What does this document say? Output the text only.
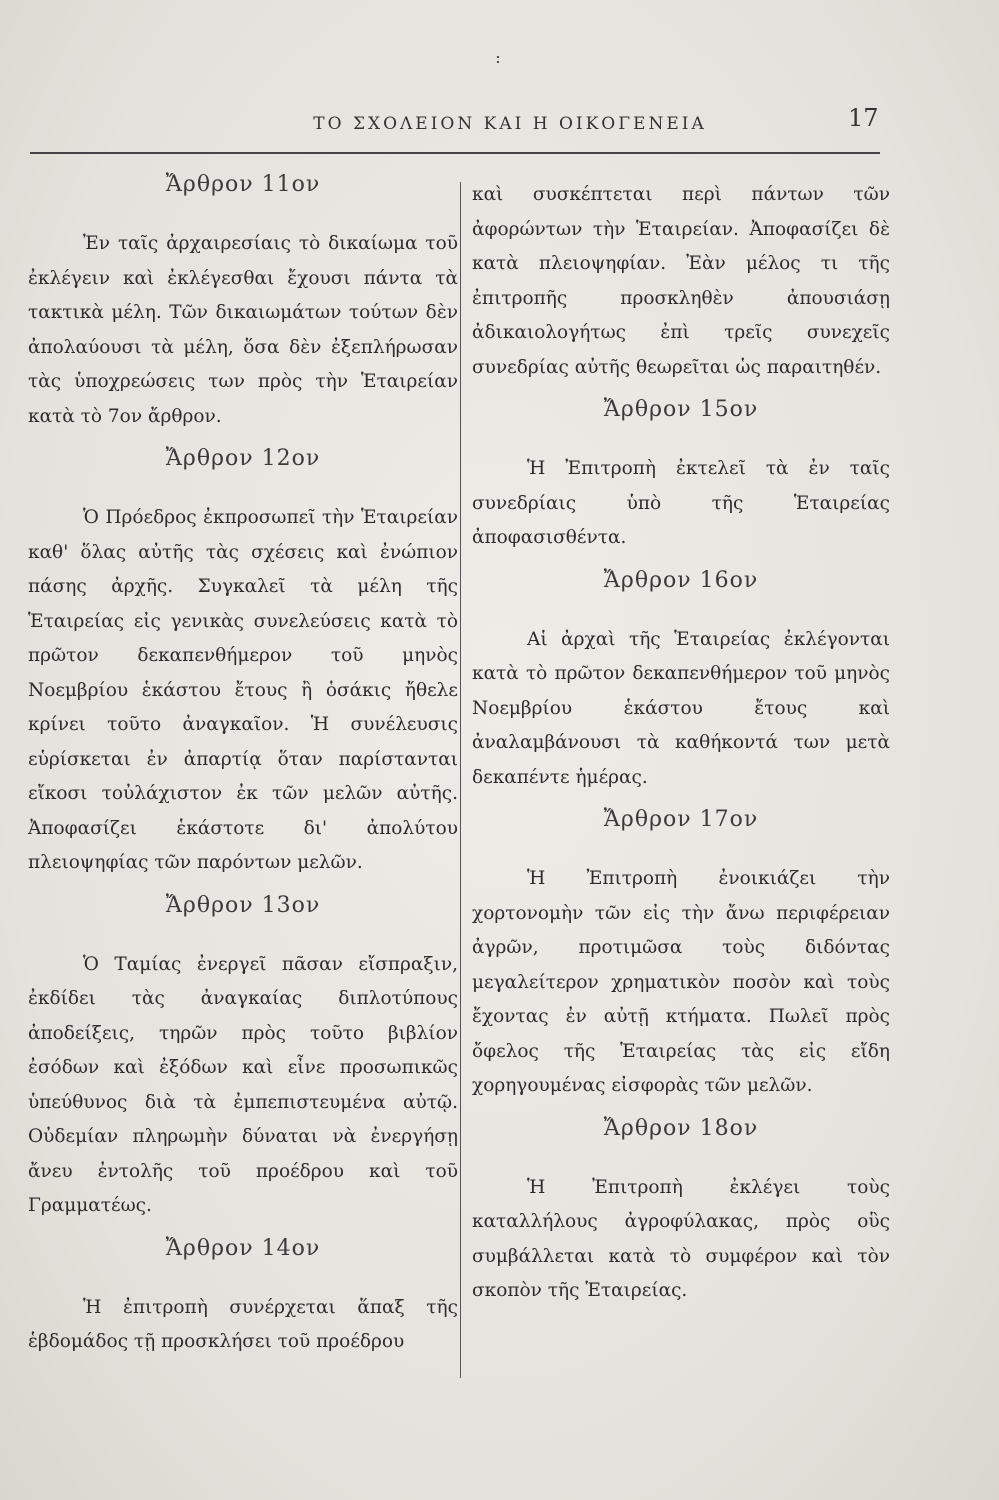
:
ΤΟ ΣΧΟΛΕΙΟΝ ΚΑΙ Η ΟΙΚΟΓΕΝΕΙΑ	17
Ἄρθρον 11ον

Ἐν ταῖς ἀρχαιρεσίαις τὸ δικαίωμα τοῦ ἐκλέγειν καὶ ἐκλέγεσθαι ἔχουσι πάντα τὰ τακτικὰ μέλη. Τῶν δικαιωμάτων τούτων δὲν ἀπολαύουσι τὰ μέλη, ὅσα δὲν ἐξεπλήρωσαν τὰς ὑποχρεώσεις των πρὸς τὴν Ἑταιρείαν κατὰ τὸ 7ον ἄρθρον.

Ἄρθρον 12ον

Ὁ Πρόεδρος ἐκπροσωπεῖ τὴν Ἑταιρείαν καθ' ὅλας αὐτῆς τὰς σχέσεις καὶ ἐνώπιον πάσης ἀρχῆς. Συγκαλεῖ τὰ μέλη τῆς Ἑταιρείας εἰς γενικὰς συνελεύσεις κατὰ τὸ πρῶτον δεκαπενθήμερον τοῦ μηνὸς Νοεμβρίου ἑκάστου ἔτους ἢ ὁσάκις ἤθελε κρίνει τοῦτο ἀναγκαῖον. Ἡ συνέλευσις εὑρίσκεται ἐν ἀπαρτίᾳ ὅταν παρίστανται εἴκοσι τοὐλάχιστον ἐκ τῶν μελῶν αὐτῆς. Ἀποφασίζει ἑκάστοτε δι' ἀπολύτου πλειοψηφίας τῶν παρόντων μελῶν.

Ἄρθρον 13ον

Ὁ Ταμίας ἐνεργεῖ πᾶσαν εἴσπραξιν, ἐκδίδει τὰς ἀναγκαίας διπλοτύπους ἀποδείξεις, τηρῶν πρὸς τοῦτο βιβλίον ἐσόδων καὶ ἐξόδων καὶ εἶνε προσωπικῶς ὑπεύθυνος διὰ τὰ ἐμπεπιστευμένα αὐτῷ. Οὐδεμίαν πληρωμὴν δύναται νὰ ἐνεργήσῃ ἄνευ ἐντολῆς τοῦ προέδρου καὶ τοῦ Γραμματέως.

Ἄρθρον 14ον

Ἡ ἐπιτροπὴ συνέρχεται ἅπαξ τῆς ἑβδομάδος τῇ προσκλήσει τοῦ προέδρου

καὶ συσκέπτεται περὶ πάντων τῶν ἀφορώντων τὴν Ἑταιρείαν. Ἀποφασίζει δὲ κατὰ πλειοψηφίαν. Ἐὰν μέλος τι τῆς ἐπιτροπῆς προσκληθὲν ἀπουσιάσῃ ἀδικαιολογήτως ἐπὶ τρεῖς συνεχεῖς συνεδρίας αὐτῆς θεωρεῖται ὡς παραιτηθέν.

Ἄρθρον 15ον

Ἡ Ἐπιτροπὴ ἐκτελεῖ τὰ ἐν ταῖς συνεδρίαις ὑπὸ τῆς Ἑταιρείας ἀποφασισθέντα.

Ἄρθρον 16ον

Αἱ ἀρχαὶ τῆς Ἑταιρείας ἐκλέγονται κατὰ τὸ πρῶτον δεκαπενθήμερον τοῦ μηνὸς Νοεμβρίου ἑκάστου ἔτους καὶ ἀναλαμβάνουσι τὰ καθήκοντά των μετὰ δεκαπέντε ἡμέρας.

Ἄρθρον 17ον

Ἡ Ἐπιτροπὴ ἐνοικιάζει τὴν χορτονομὴν τῶν εἰς τὴν ἄνω περιφέρειαν ἀγρῶν, προτιμῶσα τοὺς διδόντας μεγαλείτερον χρηματικὸν ποσὸν καὶ τοὺς ἔχοντας ἐν αὐτῇ κτήματα. Πωλεῖ πρὸς ὄφελος τῆς Ἑταιρείας τὰς εἰς εἴδη χορηγουμένας εἰσφορὰς τῶν μελῶν.

Ἄρθρον 18ον

Ἡ Ἐπιτροπὴ ἐκλέγει τοὺς καταλλήλους ἀγροφύλακας, πρὸς οὓς συμβάλλεται κατὰ τὸ συμφέρον καὶ τὸν σκοπὸν τῆς Ἑταιρείας.
